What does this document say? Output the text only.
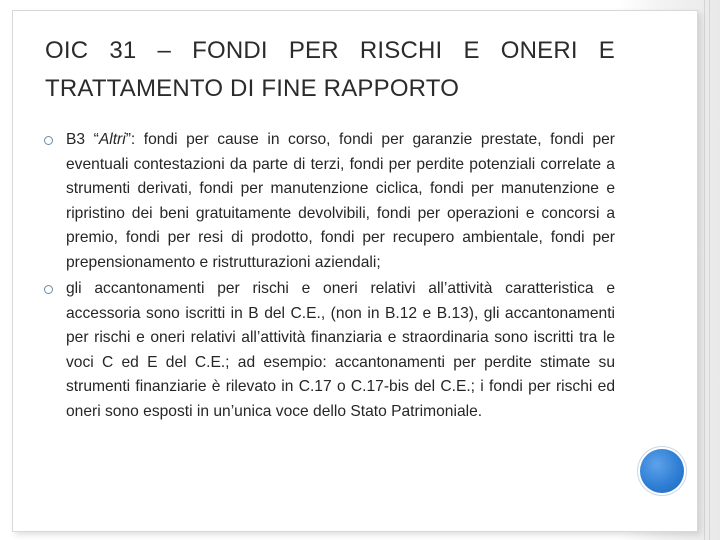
OIC 31 – FONDI PER RISCHI E ONERI E
TRATTAMENTO DI FINE RAPPORTO
B3 “Altri”: fondi per cause in corso, fondi per garanzie prestate, fondi per eventuali contestazioni da parte di terzi, fondi per perdite potenziali correlate a strumenti derivati, fondi per manutenzione ciclica, fondi per manutenzione e ripristino dei beni gratuitamente devolvibili, fondi per operazioni e concorsi a premio, fondi per resi di prodotto, fondi per recupero ambientale, fondi per prepensionamento e ristrutturazioni aziendali;
gli accantonamenti per rischi e oneri relativi all’attività caratteristica e accessoria sono iscritti in B del C.E., (non in B.12 e B.13), gli accantonamenti per rischi e oneri relativi all’attività finanziaria e straordinaria sono iscritti tra le voci C ed E del C.E.; ad esempio: accantonamenti per perdite stimate su strumenti finanziarie è rilevato in C.17 o C.17-bis del C.E.; i fondi per rischi ed oneri sono esposti in un’unica voce dello Stato Patrimoniale.
